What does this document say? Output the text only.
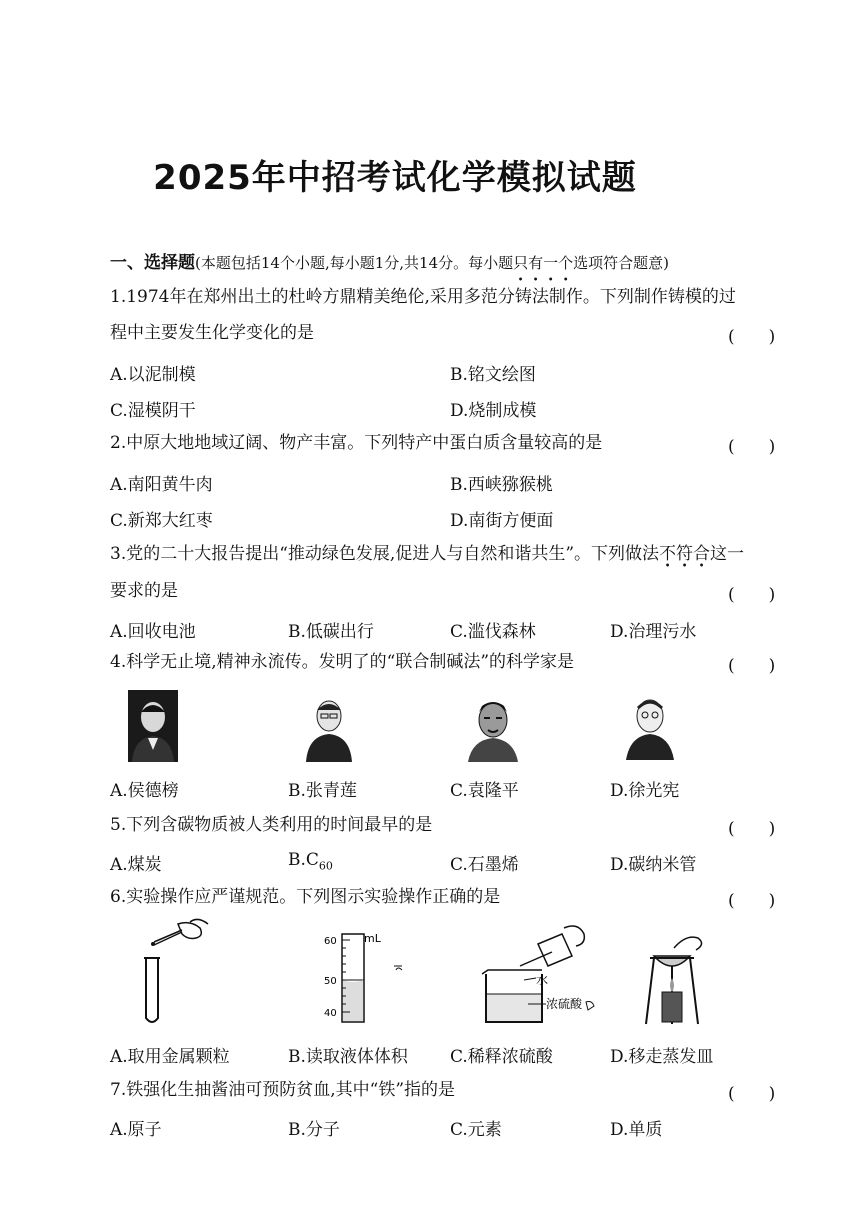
2025年中招考试化学模拟试题
一、选择题(本题包括14个小题,每小题1分,共14分。每小题只有一个选项符合题意)
1.1974年在郑州出土的杜岭方鼎精美绝伦,采用多范分铸法制作。下列制作铸模的过
程中主要发生化学变化的是	(　　)
A.以泥制模	B.铭文绘图
C.湿模阴干	D.烧制成模
2.中原大地地域辽阔、物产丰富。下列特产中蛋白质含量较高的是	(　　)
A.南阳黄牛肉	B.西峡猕猴桃
C.新郑大红枣	D.南街方便面
3.党的二十大报告提出“推动绿色发展,促进人与自然和谐共生”。下列做法不符合这一
要求的是	(　　)
A.回收电池	B.低碳出行	C.滥伐森林	D.治理污水
4.科学无止境,精神永流传。发明了的“联合制碱法”的科学家是	(　　)
A.侯德榜	B.张青莲	C.袁隆平	D.徐光宪
5.下列含碳物质被人类利用的时间最早的是	(　　)
A.煤炭	$B.C_{60}$	C.石墨烯	D.碳纳米管
6.实验操作应严谨规范。下列图示实验操作正确的是	(　　)
60
50
40
mL
水
浓硫酸
A.取用金属颗粒	B.读取液体体积 C.稀释浓硫酸	D.移走蒸发皿
7.铁强化生抽酱油可预防贫血,其中“铁”指的是	(　　)
A.原子	B.分子	C.元素	D.单质
